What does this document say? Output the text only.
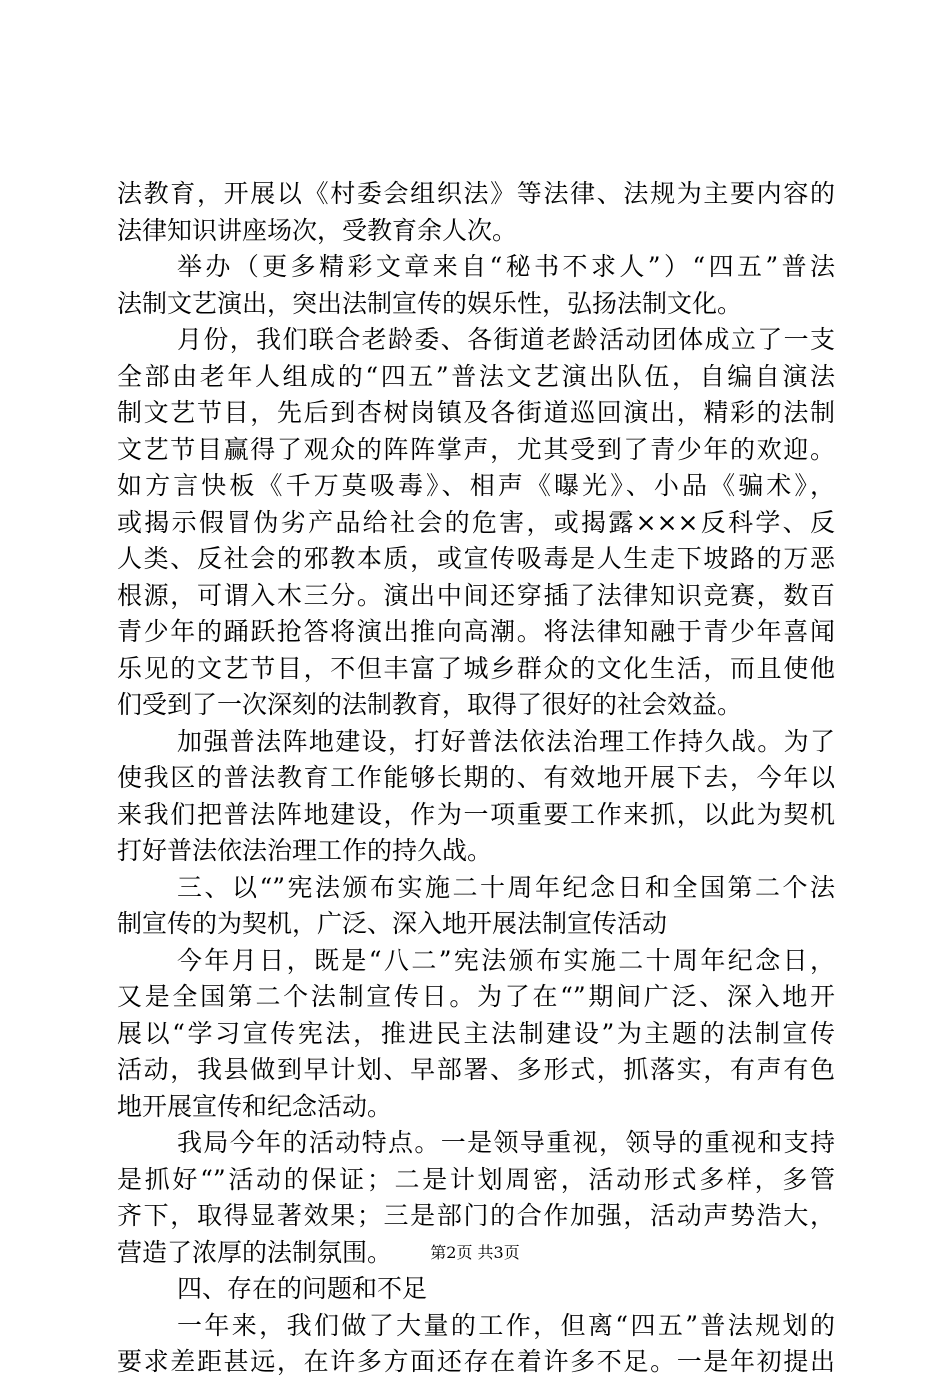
法教育，开展以《村委会组织法》等法律、法规为主要内容的
法律知识讲座场次，受教育余人次。
举办（更多精彩文章来自“秘书不求人”）“四五”普法
法制文艺演出，突出法制宣传的娱乐性，弘扬法制文化。
月份，我们联合老龄委、各街道老龄活动团体成立了一支
全部由老年人组成的“四五”普法文艺演出队伍，自编自演法
制文艺节目，先后到杏树岗镇及各街道巡回演出，精彩的法制
文艺节目赢得了观众的阵阵掌声，尤其受到了青少年的欢迎。
如方言快板《千万莫吸毒》、相声《曝光》、小品《骗术》，
或揭示假冒伪劣产品给社会的危害，或揭露×××反科学、反
人类、反社会的邪教本质，或宣传吸毒是人生走下坡路的万恶
根源，可谓入木三分。演出中间还穿插了法律知识竞赛，数百
青少年的踊跃抢答将演出推向高潮。将法律知融于青少年喜闻
乐见的文艺节目，不但丰富了城乡群众的文化生活，而且使他
们受到了一次深刻的法制教育，取得了很好的社会效益。
加强普法阵地建设，打好普法依法治理工作持久战。为了
使我区的普法教育工作能够长期的、有效地开展下去，今年以
来我们把普法阵地建设，作为一项重要工作来抓，以此为契机
打好普法依法治理工作的持久战。
三、以“”宪法颁布实施二十周年纪念日和全国第二个法
制宣传的为契机，广泛、深入地开展法制宣传活动
今年月日，既是“八二”宪法颁布实施二十周年纪念日，
又是全国第二个法制宣传日。为了在“”期间广泛、深入地开
展以“学习宣传宪法，推进民主法制建设”为主题的法制宣传
活动，我县做到早计划、早部署、多形式，抓落实，有声有色
地开展宣传和纪念活动。
我局今年的活动特点。一是领导重视，领导的重视和支持
是抓好“”活动的保证；二是计划周密，活动形式多样，多管
齐下，取得显著效果；三是部门的合作加强，活动声势浩大，
营造了浓厚的法制氛围。
四、存在的问题和不足
一年来，我们做了大量的工作，但离“四五”普法规划的
要求差距甚远，在许多方面还存在着许多不足。一是年初提出
第2页 共3页
